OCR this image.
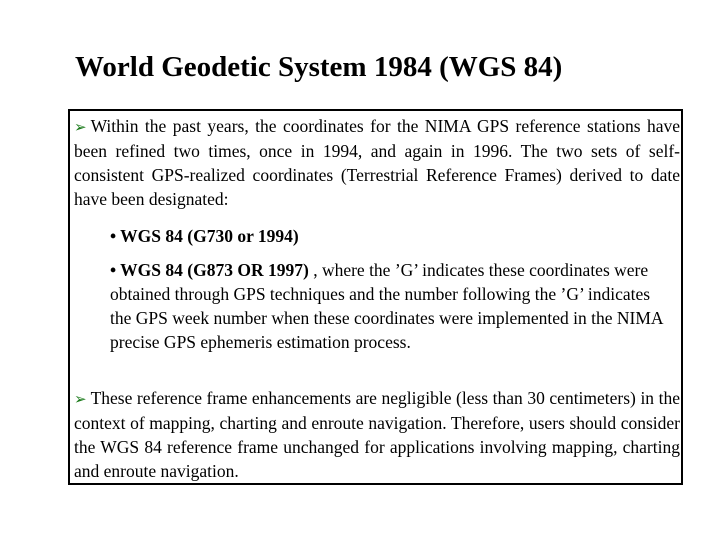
World Geodetic System 1984 (WGS 84)

➢ Within the past years, the coordinates for the NIMA GPS reference stations have been refined two times, once in 1994, and again in 1996. The two sets of self-consistent GPS-realized coordinates (Terrestrial Reference Frames) derived to date have been designated:

• WGS 84 (G730 or 1994)

• WGS 84 (G873 OR 1997) , where the ’G’ indicates these coordinates were obtained through GPS techniques and the number following the ’G’ indicates the GPS week number when these coordinates were implemented in the NIMA precise GPS ephemeris estimation process.

➢ These reference frame enhancements are negligible (less than 30 centimeters) in the context of mapping, charting and enroute navigation. Therefore, users should consider the WGS 84 reference frame unchanged for applications involving mapping, charting and enroute navigation.
